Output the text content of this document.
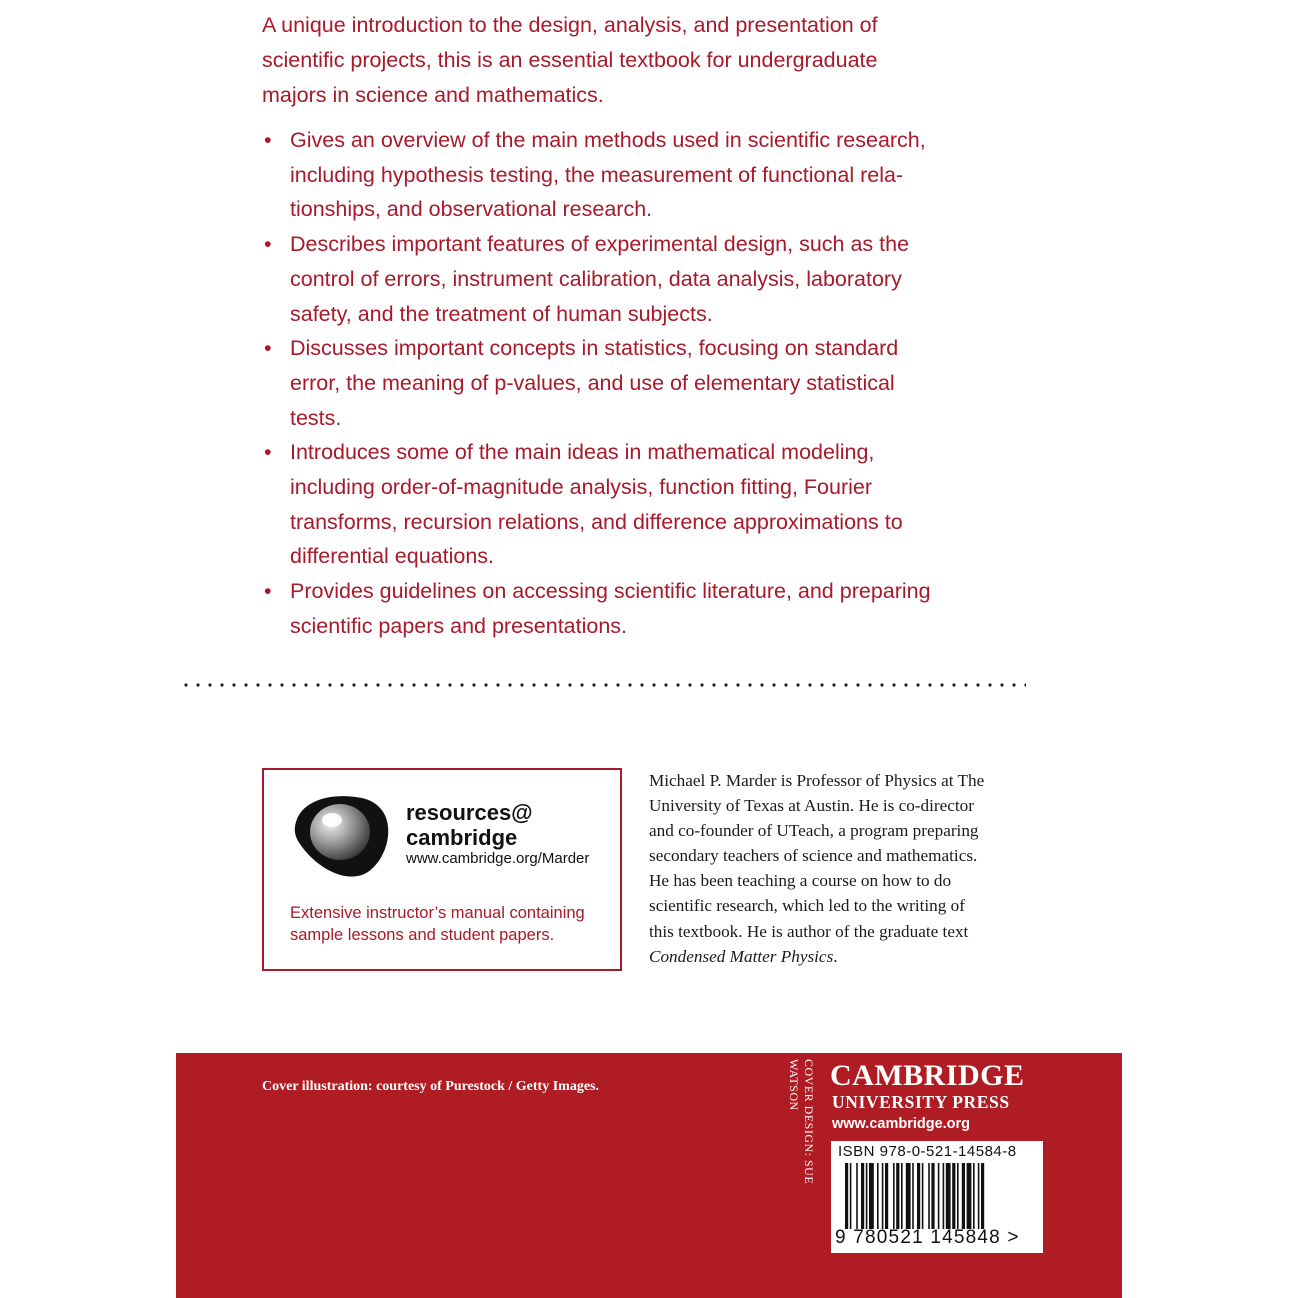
A unique introduction to the design, analysis, and presentation of scientific projects, this is an essential textbook for undergraduate majors in science and mathematics.

• Gives an overview of the main methods used in scientific research,
including hypothesis testing, the measurement of functional rela-
tionships, and observational research.
• Describes important features of experimental design, such as the
control of errors, instrument calibration, data analysis, laboratory
safety, and the treatment of human subjects.
• Discusses important concepts in statistics, focusing on standard
error, the meaning of p-values, and use of elementary statistical
tests.
• Introduces some of the main ideas in mathematical modeling,
including order-of-magnitude analysis, function fitting, Fourier
transforms, recursion relations, and difference approximations to
differential equations.
• Provides guidelines on accessing scientific literature, and preparing
scientific papers and presentations.
resources@
cambridge
www.cambridge.org/Marder
Extensive instructor’s manual containing
sample lessons and student papers.

Michael P. Marder is Professor of Physics at The
University of Texas at Austin. He is co-director
and co-founder of UTeach, a program preparing
secondary teachers of science and mathematics.
He has been teaching a course on how to do
scientific research, which led to the writing of
this textbook. He is author of the graduate text
Condensed Matter Physics.

Cover illustration: courtesy of Purestock / Getty Images.	COVER DESIGN: SUE WATSON CAMBRIDGE
UNIVERSITY PRESS
www.cambridge.org
ISBN 978-0-521-14584-8
9 780521 145848 >
